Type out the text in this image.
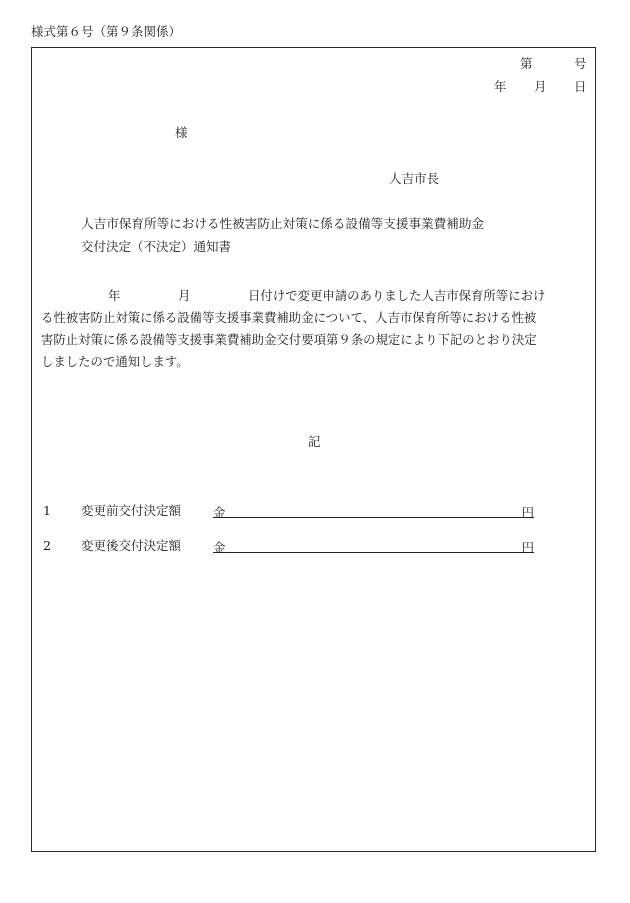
様式第６号（第９条関係）
第	号
年 月 日
様
人吉市長
人吉市保育所等における性被害防止対策に係る設備等支援事業費補助金
交付決定（不決定）通知書
年	月	日付けで変更申請のありました人吉市保育所等におけ
る性被害防止対策に係る設備等支援事業費補助金について、人吉市保育所等における性被
害防止対策に係る設備等支援事業費補助金交付要項第９条の規定により下記のとおり決定
しましたので通知します。
記
1 変更前交付決定額	金	円
2 変更後交付決定額	金	円
